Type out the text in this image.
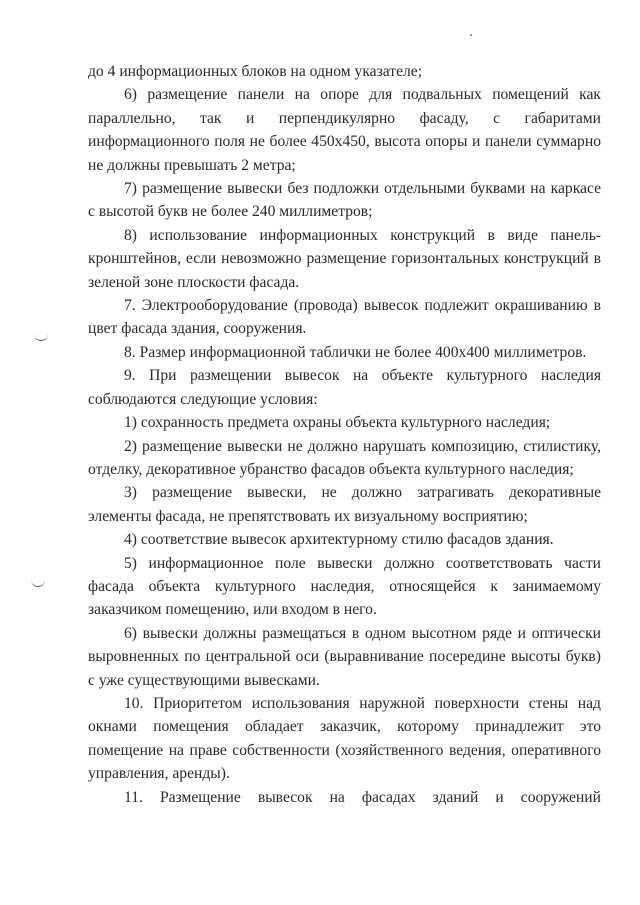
до 4 информационных блоков на одном указателе;

6) размещение панели на опоре для подвальных помещений как параллельно, так и перпендикулярно фасаду, с габаритами информационного поля не более 450х450, высота опоры и панели суммарно не должны превышать 2 метра;

7) размещение вывески без подложки отдельными буквами на каркасе с высотой букв не более 240 миллиметров;

8) использование информационных конструкций в виде панель-кронштейнов, если невозможно размещение горизонтальных конструкций в зеленой зоне плоскости фасада.

7. Электрооборудование (провода) вывесок подлежит окрашиванию в цвет фасада здания, сооружения.

8. Размер информационной таблички не более 400х400 миллиметров.

9. При размещении вывесок на объекте культурного наследия соблюдаются следующие условия:

1) сохранность предмета охраны объекта культурного наследия;

2) размещение вывески не должно нарушать композицию, стилистику, отделку, декоративное убранство фасадов объекта культурного наследия;

3) размещение вывески, не должно затрагивать декоративные элементы фасада, не препятствовать их визуальному восприятию;

4) соответствие вывесок архитектурному стилю фасадов здания.

5) информационное поле вывески должно соответствовать части фасада объекта культурного наследия, относящейся к занимаемому заказчиком помещению, или входом в него.

6) вывески должны размещаться в одном высотном ряде и оптически выровненных по центральной оси (выравнивание посередине высоты букв) с уже существующими вывесками.

10. Приоритетом использования наружной поверхности стены над окнами помещения обладает заказчик, которому принадлежит это помещение на праве собственности (хозяйственного ведения, оперативного управления, аренды).

11. Размещение вывесок на фасадах зданий и сооружений
